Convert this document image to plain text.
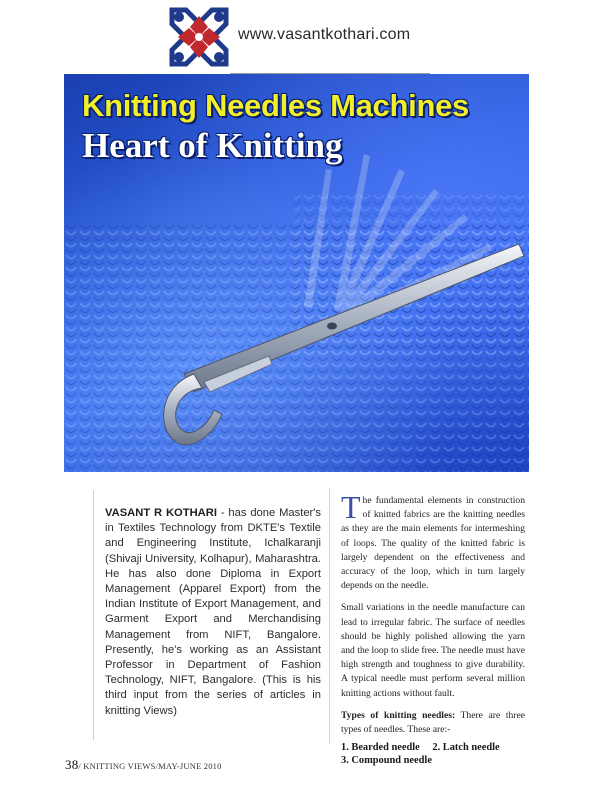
www.vasantkothari.com
Knitting Needles Machines
Heart of Knitting
VASANT R KOTHARI - has done Master's in Textiles Technology from DKTE's Textile and Engineering Institute, Ichalkaranji (Shivaji University, Kolhapur), Maharashtra. He has also done Diploma in Export Management (Apparel Export) from the Indian Institute of Export Management, and Garment Export and Merchandising Management from NIFT, Bangalore. Presently, he's working as an Assistant Professor in Department of Fashion Technology, NIFT, Bangalore. (This is his third input from the series of articles in knitting Views)

The fundamental elements in construction of knitted fabrics are the knitting needles as they are the main elements for intermeshing of loops. The quality of the knitted fabric is largely dependent on the effectiveness and accuracy of the loop, which in turn largely depends on the needle.

Small variations in the needle manufacture can lead to irregular fabric. The surface of needles should be highly polished allowing the yarn and the loop to slide free. The needle must have high strength and toughness to give durability. A typical needle must perform several million knitting actions without fault.

Types of knitting needles: There are three types of needles. These are:-

1. Bearded needle 2. Latch needle
3. Compound needle
38/ KNITTING VIEWS/MAY-JUNE 2010
